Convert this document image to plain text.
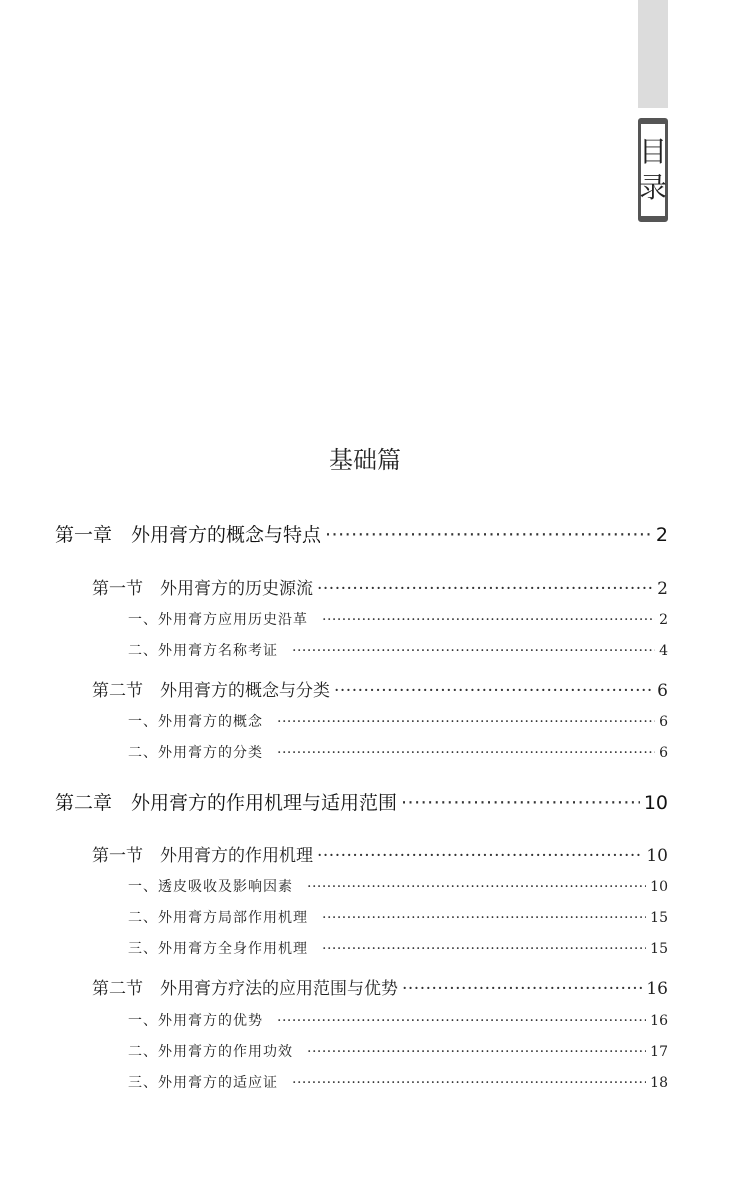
目
录
基础篇
第一章　外用膏方的概念与特点 ·····	2
第一节　外用膏方的历史源流 ·····	2
一、外用膏方应用历史沿革 ·····	2
二、外用膏方名称考证 ·····	4
第二节　外用膏方的概念与分类 ·····	6
一、外用膏方的概念 ·····	6
二、外用膏方的分类 ·····	6
第二章　外用膏方的作用机理与适用范围 ·····	10
第一节　外用膏方的作用机理 ·····	10
一、透皮吸收及影响因素 ·····	10
二、外用膏方局部作用机理 ·····	15
三、外用膏方全身作用机理 ·····	15
第二节　外用膏方疗法的应用范围与优势 ·····	16
一、外用膏方的优势 ·····	16
二、外用膏方的作用功效 ·····	17
三、外用膏方的适应证 ·····	18
